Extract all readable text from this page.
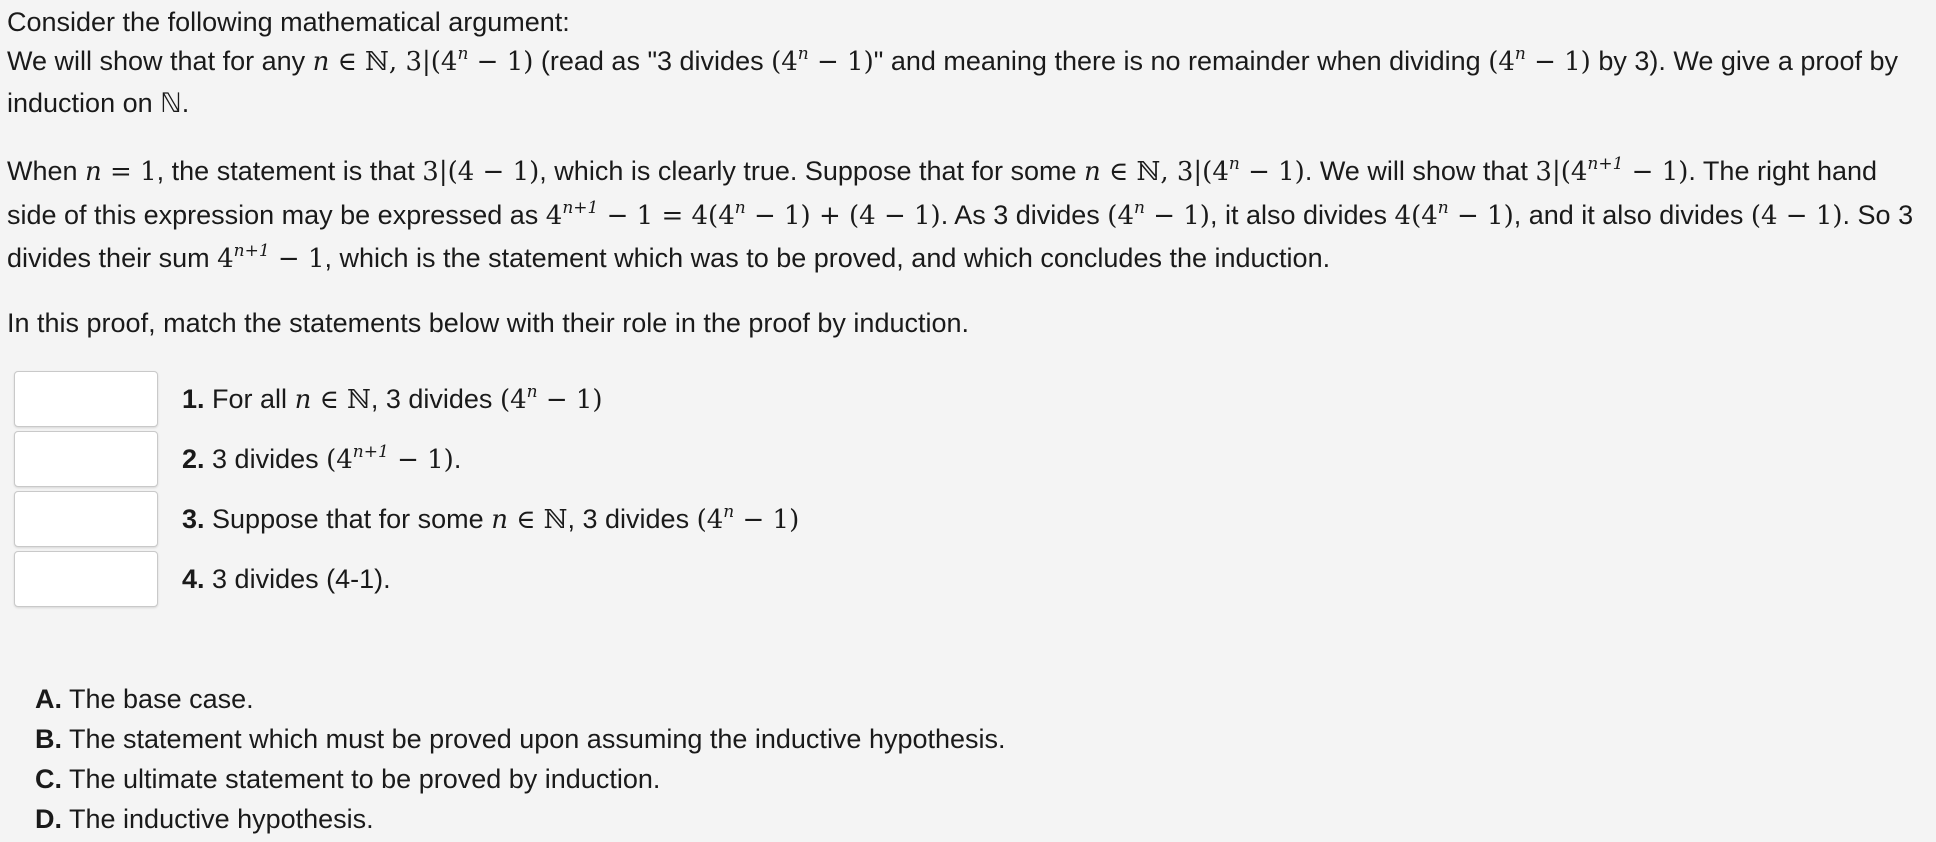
Consider the following mathematical argument:

We will show that for any n ∈ ℕ, $3|(4^n - 1)$ (read as "3 divides $(4^n - 1)$" and meaning there is no remainder when dividing $(4^n - 1)$ by 3). We give a proof by induction on ℕ.

When n = 1, the statement is that 3|(4 − 1), which is clearly true. Suppose that for some n ∈ ℕ, $3|(4^n - 1)$. We will show that $3|(4^{n+1} - 1)$. The right hand side of this expression may be expressed as $4^{n+1} - 1 = 4(4^n - 1) + (4 - 1)$. As 3 divides $(4^n - 1)$, it also divides $4(4^n - 1)$, and it also divides (4 − 1). So 3 divides their sum $4^{n+1} - 1$, which is the statement which was to be proved, and which concludes the induction.

In this proof, match the statements below with their role in the proof by induction.

1. For all n ∈ ℕ, 3 divides $(4^n - 1)$
2. 3 divides $(4^{n+1} - 1)$.
3. Suppose that for some n ∈ ℕ, 3 divides $(4^n - 1)$
4. 3 divides (4-1).
A. The base case.
B. The statement which must be proved upon assuming the inductive hypothesis.
C. The ultimate statement to be proved by induction.
D. The inductive hypothesis.
